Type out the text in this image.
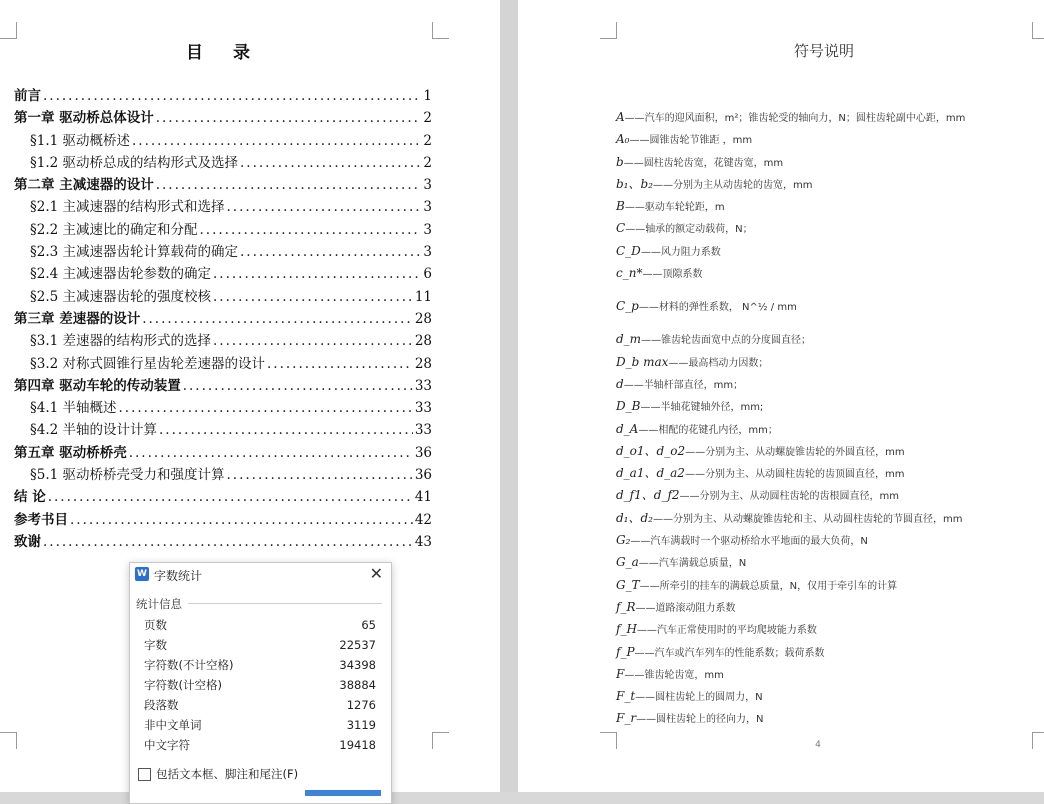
目 录
前言 .....	1
第一章 驱动桥总体设计 .....	2
§1.1 驱动概桥述 .....	2
§1.2 驱动桥总成的结构形式及选择 .....	2
第二章 主减速器的设计 .....	3
§2.1 主减速器的结构形式和选择 .....	3
§2.2 主减速比的确定和分配 .....	3
§2.3 主减速器齿轮计算载荷的确定 .....	3
§2.4 主减速器齿轮参数的确定 .....	6
§2.5 主减速器齿轮的强度校核 .....	11
第三章 差速器的设计 .....	28
§3.1 差速器的结构形式的选择 .....	28
§3.2 对称式圆锥行星齿轮差速器的设计 .....	28
第四章 驱动车轮的传动装置 .....	33
§4.1 半轴概述 .....	33
§4.2 半轴的设计计算 .....	33
第五章 驱动桥桥壳 .....	36
§5.1 驱动桥桥壳受力和强度计算 .....	36
结 论 .....	41
参考书目 .....	42
致谢 .....	43
符号说明
A——汽车的迎风面积，m²；锥齿轮受的轴向力，N；圆柱齿轮副中心距，mm
A₀——圆锥齿轮节锥距 ，mm
b——圆柱齿轮齿宽，花键齿宽，mm
b₁、b₂——分别为主从动齿轮的齿宽，mm
B——驱动车轮轮距，m
C——轴承的额定动载荷，N；
C_D——风力阻力系数
c_n*——顶隙系数
C_p——材料的弹性系数， N^½ / mm
d_m——锥齿轮齿面宽中点的分度圆直径；
D_b max——最高档动力因数；
d——半轴杆部直径，mm；
D_B——半轴花键轴外径，mm;
d_A——相配的花键孔内径，mm；
d_o1、d_o2——分别为主、从动螺旋锥齿轮的外圆直径，mm
d_a1、d_a2——分别为主、从动圆柱齿轮的齿顶圆直径，mm
d_f1、d_f2——分别为主、从动圆柱齿轮的齿根圆直径，mm
d₁、d₂——分别为主、从动螺旋锥齿轮和主、从动圆柱齿轮的节圆直径，mm
G₂——汽车满载时一个驱动桥给水平地面的最大负荷，N
G_a——汽车满载总质量，N
G_T——所牵引的挂车的满载总质量，N，仅用于牵引车的计算
f_R——道路滚动阻力系数
f_H——汽车正常使用时的平均爬坡能力系数
f_P——汽车或汽车列车的性能系数；载荷系数
F——锥齿轮齿宽，mm
F_t——圆柱齿轮上的圆周力，N
F_r——圆柱齿轮上的径向力，N
4
W 字数统计	✕
统计信息
页数	65
字数	22537
字符数(不计空格)	34398
字符数(计空格)	38884
段落数	1276
非中文单词	3119
中文字符	19418
包括文本框、脚注和尾注(F)
